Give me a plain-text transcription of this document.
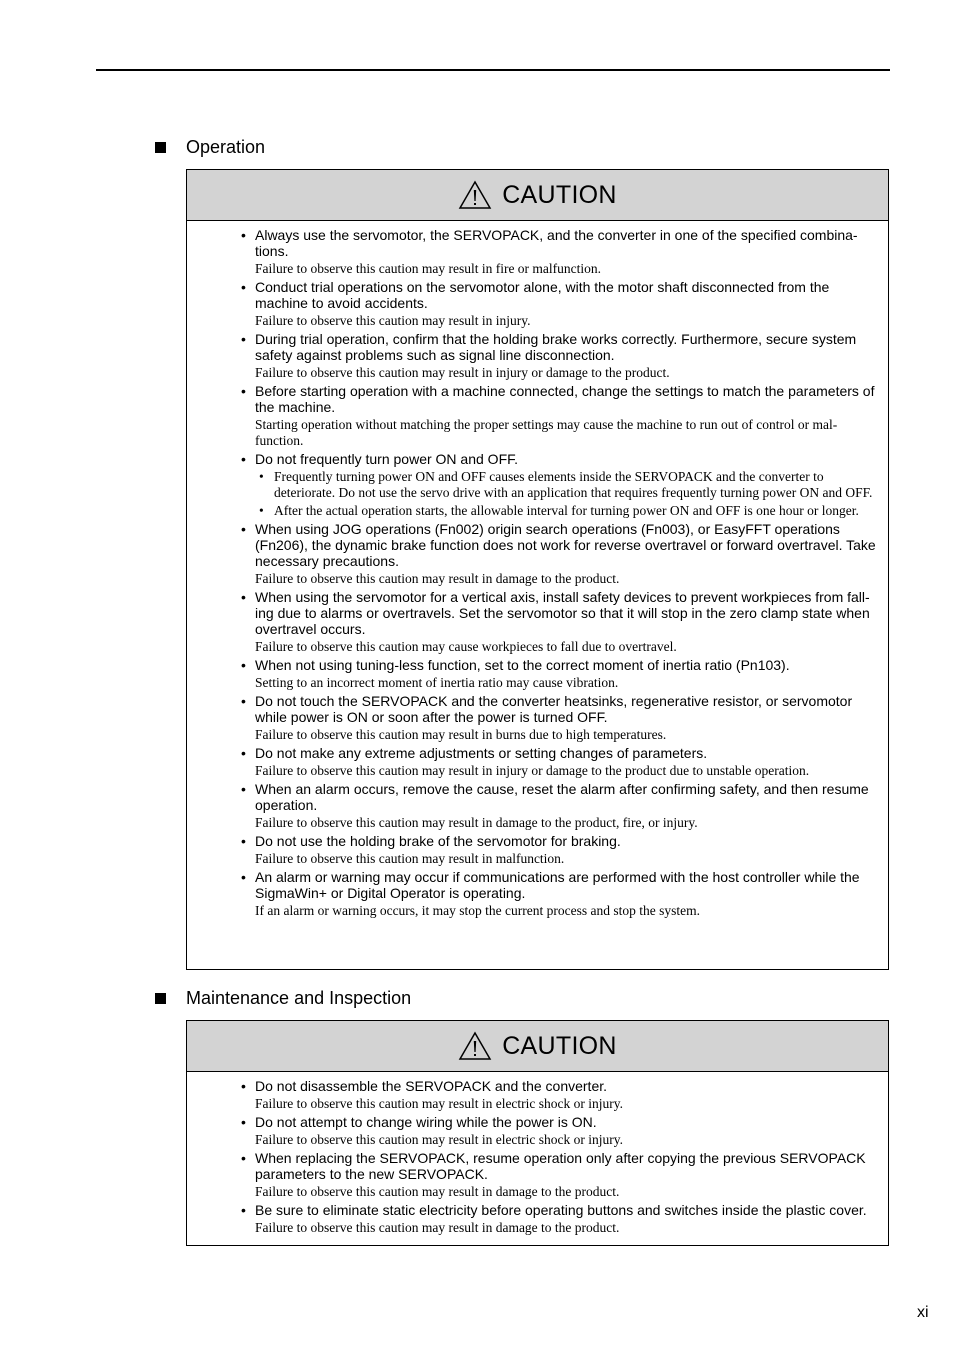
Operation
CAUTION
• Always use the servomotor, the SERVOPACK, and the converter in one of the specified combina-tions.
Failure to observe this caution may result in fire or malfunction.
• Conduct trial operations on the servomotor alone, with the motor shaft disconnected from the machine to avoid accidents.
Failure to observe this caution may result in injury.
• During trial operation, confirm that the holding brake works correctly. Furthermore, secure system safety against problems such as signal line disconnection.
Failure to observe this caution may result in injury or damage to the product.
• Before starting operation with a machine connected, change the settings to match the parameters of the machine.
Starting operation without matching the proper settings may cause the machine to run out of control or mal-function.
• Do not frequently turn power ON and OFF.
• Frequently turning power ON and OFF causes elements inside the SERVOPACK and the converter to deteriorate. Do not use the servo drive with an application that requires frequently turning power ON and OFF.
• After the actual operation starts, the allowable interval for turning power ON and OFF is one hour or longer.
• When using JOG operations (Fn002) origin search operations (Fn003), or EasyFFT operations (Fn206), the dynamic brake function does not work for reverse overtravel or forward overtravel. Take necessary precautions.
Failure to observe this caution may result in damage to the product.
• When using the servomotor for a vertical axis, install safety devices to prevent workpieces from fall-ing due to alarms or overtravels. Set the servomotor so that it will stop in the zero clamp state when overtravel occurs.
Failure to observe this caution may cause workpieces to fall due to overtravel.
• When not using tuning-less function, set to the correct moment of inertia ratio (Pn103).
Setting to an incorrect moment of inertia ratio may cause vibration.
• Do not touch the SERVOPACK and the converter heatsinks, regenerative resistor, or servomotor while power is ON or soon after the power is turned OFF.
Failure to observe this caution may result in burns due to high temperatures.
• Do not make any extreme adjustments or setting changes of parameters.
Failure to observe this caution may result in injury or damage to the product due to unstable operation.
• When an alarm occurs, remove the cause, reset the alarm after confirming safety, and then resume operation.
Failure to observe this caution may result in damage to the product, fire, or injury.
• Do not use the holding brake of the servomotor for braking.
Failure to observe this caution may result in malfunction.
• An alarm or warning may occur if communications are performed with the host controller while the SigmaWin+ or Digital Operator is operating.
If an alarm or warning occurs, it may stop the current process and stop the system.
Maintenance and Inspection
CAUTION
• Do not disassemble the SERVOPACK and the converter.
Failure to observe this caution may result in electric shock or injury.
• Do not attempt to change wiring while the power is ON.
Failure to observe this caution may result in electric shock or injury.
• When replacing the SERVOPACK, resume operation only after copying the previous SERVOPACK parameters to the new SERVOPACK.
Failure to observe this caution may result in damage to the product.
• Be sure to eliminate static electricity before operating buttons and switches inside the plastic cover.
Failure to observe this caution may result in damage to the product.
xi
